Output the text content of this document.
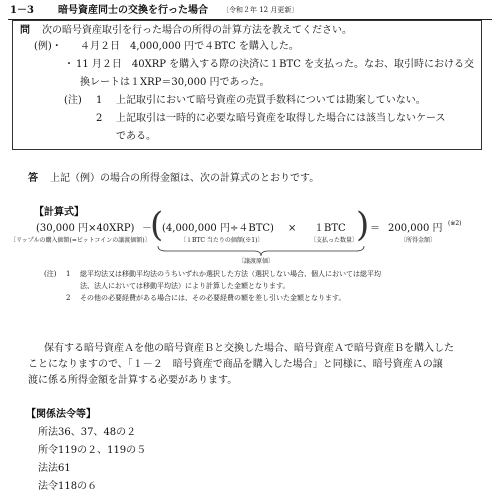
1－3 暗号資産同士の交換を行った場合 〔令和２年 12 月更新〕
問 次の暗号資産取引を行った場合の所得の計算方法を教えてください。
(例)・ ４月２日　4,000,000 円で４BTC を購入した。
・ 11 月２日　40XRP を購入する際の決済に１BTC を支払った。なお、取引時における交
換レートは１XRP＝30,000 円であった。
(注) 1 上記取引において暗号資産の売買手数料については勘案していない。
2 上記取引は一時的に必要な暗号資産を取得した場合には該当しないケース
である。
答 上記（例）の場合の所得金額は、次の計算式のとおりです。
【計算式】
(30,000 円×40XRP)
〔リップルの購入価額(=ビットコインの譲渡価額)〕
－
(
(4,000,000 円÷４BTC) × １BTC ) ＝ 200,000 円 (※2)
〔１BTC 当たりの価額(※1)〕	〔支払った数量〕	〔所得金額〕
〔譲渡原価〕
(注) 1 総平均法又は移動平均法のうちいずれか選択した方法（選択しない場合、個人においては総平均
法、法人においては移動平均法）により計算した金額となります。
2 その他の必要経費がある場合には、その必要経費の額を差し引いた金額となります。
保有する暗号資産Ａを他の暗号資産Ｂと交換した場合、暗号資産Ａで暗号資産Ｂを購入した
ことになりますので、「１－２　暗号資産で商品を購入した場合」と同様に、暗号資産Ａの譲
渡に係る所得金額を計算する必要があります。
【関係法令等】
所法36、37、48の２
所令119の２、119の５
法法61
法令118の６
